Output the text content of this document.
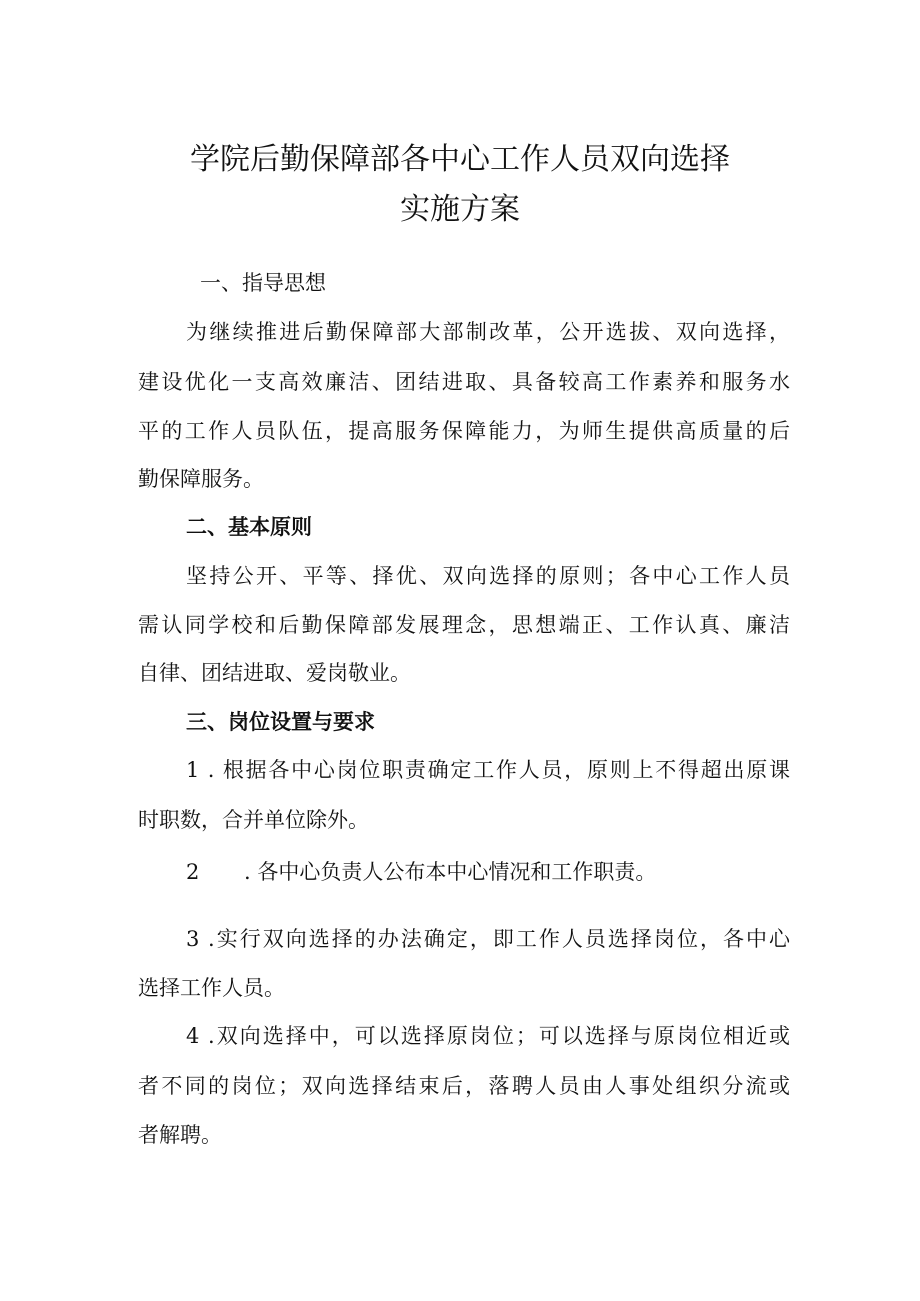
学院后勤保障部各中心工作人员双向选择
实施方案
一、指导思想
为继续推进后勤保障部大部制改革，公开选拔、双向选择，
建设优化一支高效廉洁、团结进取、具备较高工作素养和服务水
平的工作人员队伍，提高服务保障能力，为师生提供高质量的后
勤保障服务。
二、基本原则
坚持公开、平等、择优、双向选择的原则；各中心工作人员
需认同学校和后勤保障部发展理念，思想端正、工作认真、廉洁
自律、团结进取、爱岗敬业。
三、岗位设置与要求
1 . 根据各中心岗位职责确定工作人员，原则上不得超出原课
时职数，合并单位除外。
2	. 各中心负责人公布本中心情况和工作职责。
3 .实行双向选择的办法确定，即工作人员选择岗位，各中心
选择工作人员。
4 .双向选择中，可以选择原岗位；可以选择与原岗位相近或
者不同的岗位；双向选择结束后，落聘人员由人事处组织分流或
者解聘。
